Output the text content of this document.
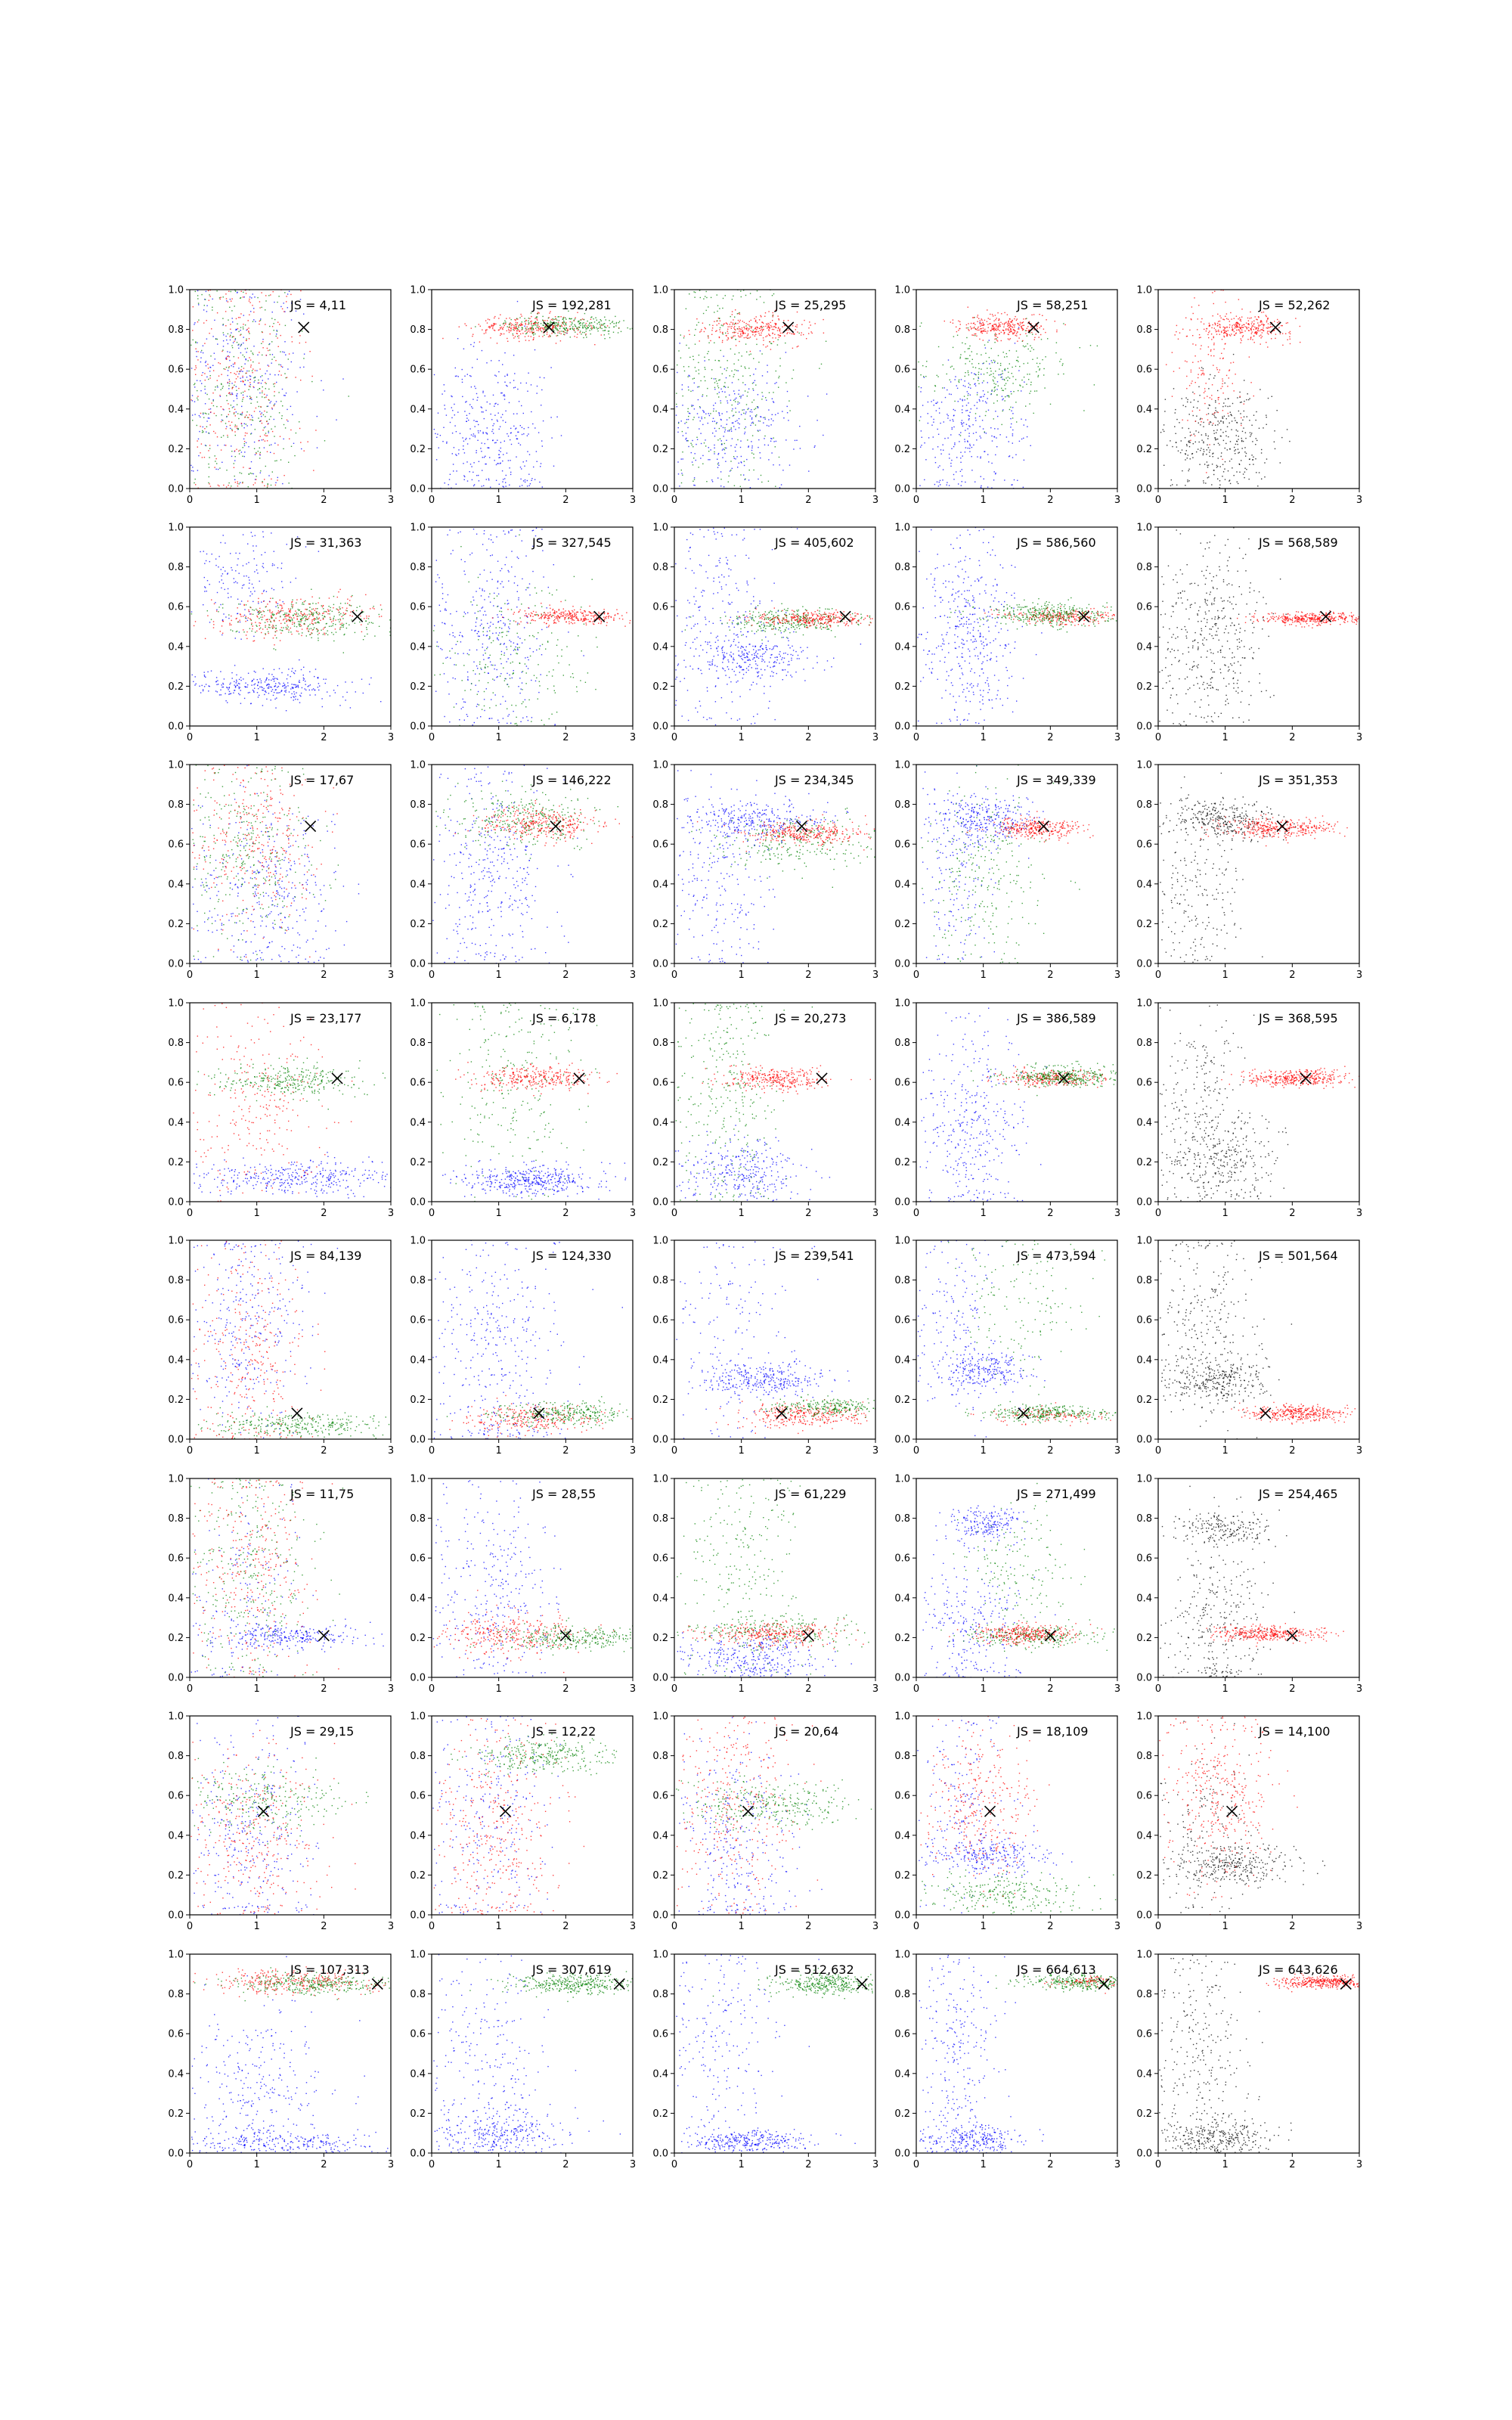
0	1	2	3
0.0
0.2
0.4
0.6
0.8
1.0
JS = 4,11
0	1	2	3
0.0
0.2
0.4
0.6
0.8
1.0
JS = 192,281
0	1	2	3
0.0
0.2
0.4
0.6
0.8
1.0
JS = 25,295
0	1	2	3
0.0
0.2
0.4
0.6
0.8
1.0
JS = 58,251
0	1	2	3
0.0
0.2
0.4
0.6
0.8
1.0
JS = 52,262
0	1	2	3
0.0
0.2
0.4
0.6
0.8
1.0
JS = 31,363
0	1	2	3
0.0
0.2
0.4
0.6
0.8
1.0
JS = 327,545
0	1	2	3
0.0
0.2
0.4
0.6
0.8
1.0
JS = 405,602
0	1	2	3
0.0
0.2
0.4
0.6
0.8
1.0
JS = 586,560
0	1	2	3
0.0
0.2
0.4
0.6
0.8
1.0
JS = 568,589
0	1	2	3
0.0
0.2
0.4
0.6
0.8
1.0
JS = 17,67
0	1	2	3
0.0
0.2
0.4
0.6
0.8
1.0
JS = 146,222
0	1	2	3
0.0
0.2
0.4
0.6
0.8
1.0
JS = 234,345
0	1	2	3
0.0
0.2
0.4
0.6
0.8
1.0
JS = 349,339
0	1	2	3
0.0
0.2
0.4
0.6
0.8
1.0
JS = 351,353
0	1	2	3
0.0
0.2
0.4
0.6
0.8
1.0
JS = 23,177
0	1	2	3
0.0
0.2
0.4
0.6
0.8
1.0
JS = 6,178
0	1	2	3
0.0
0.2
0.4
0.6
0.8
1.0
JS = 20,273
0	1	2	3
0.0
0.2
0.4
0.6
0.8
1.0
JS = 386,589
0	1	2	3
0.0
0.2
0.4
0.6
0.8
1.0
JS = 368,595
0	1	2	3
0.0
0.2
0.4
0.6
0.8
1.0
JS = 84,139
0	1	2	3
0.0
0.2
0.4
0.6
0.8
1.0
JS = 124,330
0	1	2	3
0.0
0.2
0.4
0.6
0.8
1.0
JS = 239,541
0	1	2	3
0.0
0.2
0.4
0.6
0.8
1.0
JS = 473,594
0	1	2	3
0.0
0.2
0.4
0.6
0.8
1.0
JS = 501,564
0	1	2	3
0.0
0.2
0.4
0.6
0.8
1.0
JS = 11,75
0	1	2	3
0.0
0.2
0.4
0.6
0.8
1.0
JS = 28,55
0	1	2	3
0.0
0.2
0.4
0.6
0.8
1.0
JS = 61,229
0	1	2	3
0.0
0.2
0.4
0.6
0.8
1.0
JS = 271,499
0	1	2	3
0.0
0.2
0.4
0.6
0.8
1.0
JS = 254,465
0	1	2	3
0.0
0.2
0.4
0.6
0.8
1.0
JS = 29,15
0	1	2	3
0.0
0.2
0.4
0.6
0.8
1.0
JS = 12,22
0	1	2	3
0.0
0.2
0.4
0.6
0.8
1.0
JS = 20,64
0	1	2	3
0.0
0.2
0.4
0.6
0.8
1.0
JS = 18,109
0	1	2	3
0.0
0.2
0.4
0.6
0.8
1.0
JS = 14,100
0	1	2	3
0.0
0.2
0.4
0.6
0.8
1.0
JS = 107,313
0	1	2	3
0.0
0.2
0.4
0.6
0.8
1.0
JS = 307,619
0	1	2	3
0.0
0.2
0.4
0.6
0.8
1.0
JS = 512,632
0	1	2	3
0.0
0.2
0.4
0.6
0.8
1.0
JS = 664,613
0	1	2	3
0.0
0.2
0.4
0.6
0.8
1.0
JS = 643,626
